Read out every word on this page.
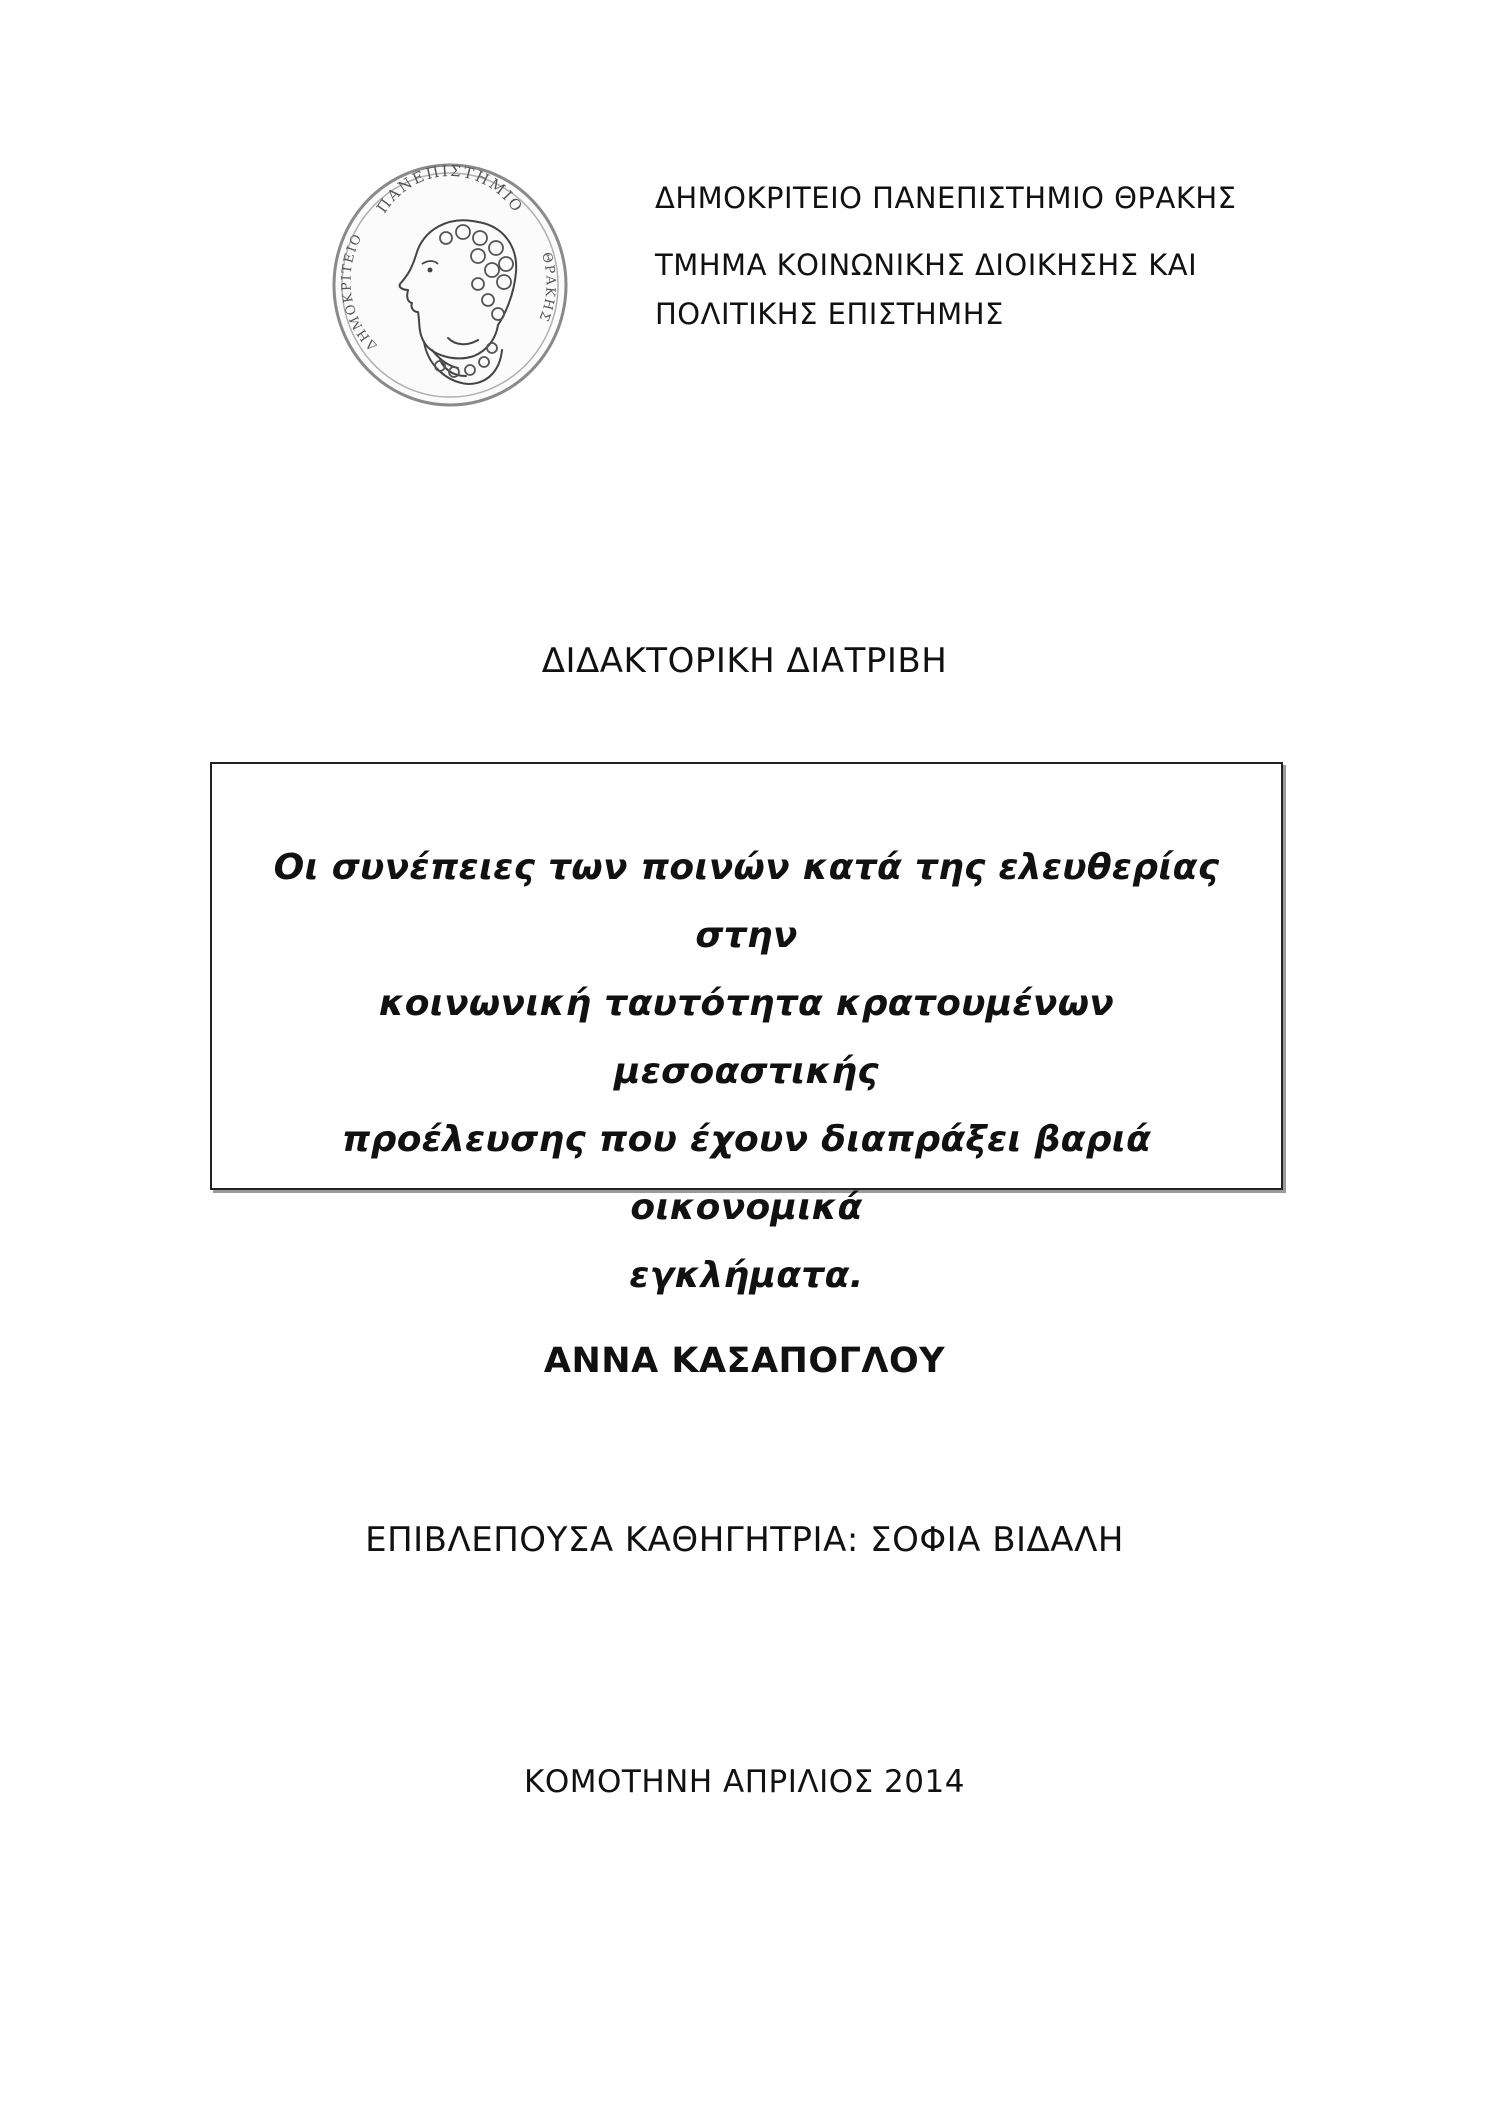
ΠΑΝΕΠΙΣΤΗΜΙΟ
ΔΗΜΟΚΡΙΤΕΙΟ
ΘΡΑΚΗΣ
ΔΗΜΟΚΡΙΤΕΙΟ ΠΑΝΕΠΙΣΤΗΜΙΟ ΘΡΑΚΗΣ
ΤΜΗΜΑ ΚΟΙΝΩΝΙΚΗΣ ΔΙΟΙΚΗΣΗΣ ΚΑΙ
ΠΟΛΙΤΙΚΗΣ ΕΠΙΣΤΗΜΗΣ
ΔΙΔΑΚΤΟΡΙΚΗ ΔΙΑΤΡΙΒΗ
Οι συνέπειες των ποινών κατά της ελευθερίας στην
κοινωνική ταυτότητα κρατουμένων μεσοαστικής
προέλευσης που έχουν διαπράξει βαριά οικονομικά
εγκλήματα.
ΑΝΝΑ ΚΑΣΑΠΟΓΛΟΥ
ΕΠΙΒΛΕΠΟΥΣΑ ΚΑΘΗΓΗΤΡΙΑ: ΣΟΦΙΑ ΒΙΔΑΛΗ
ΚΟΜΟΤΗΝΗ ΑΠΡΙΛΙΟΣ 2014
